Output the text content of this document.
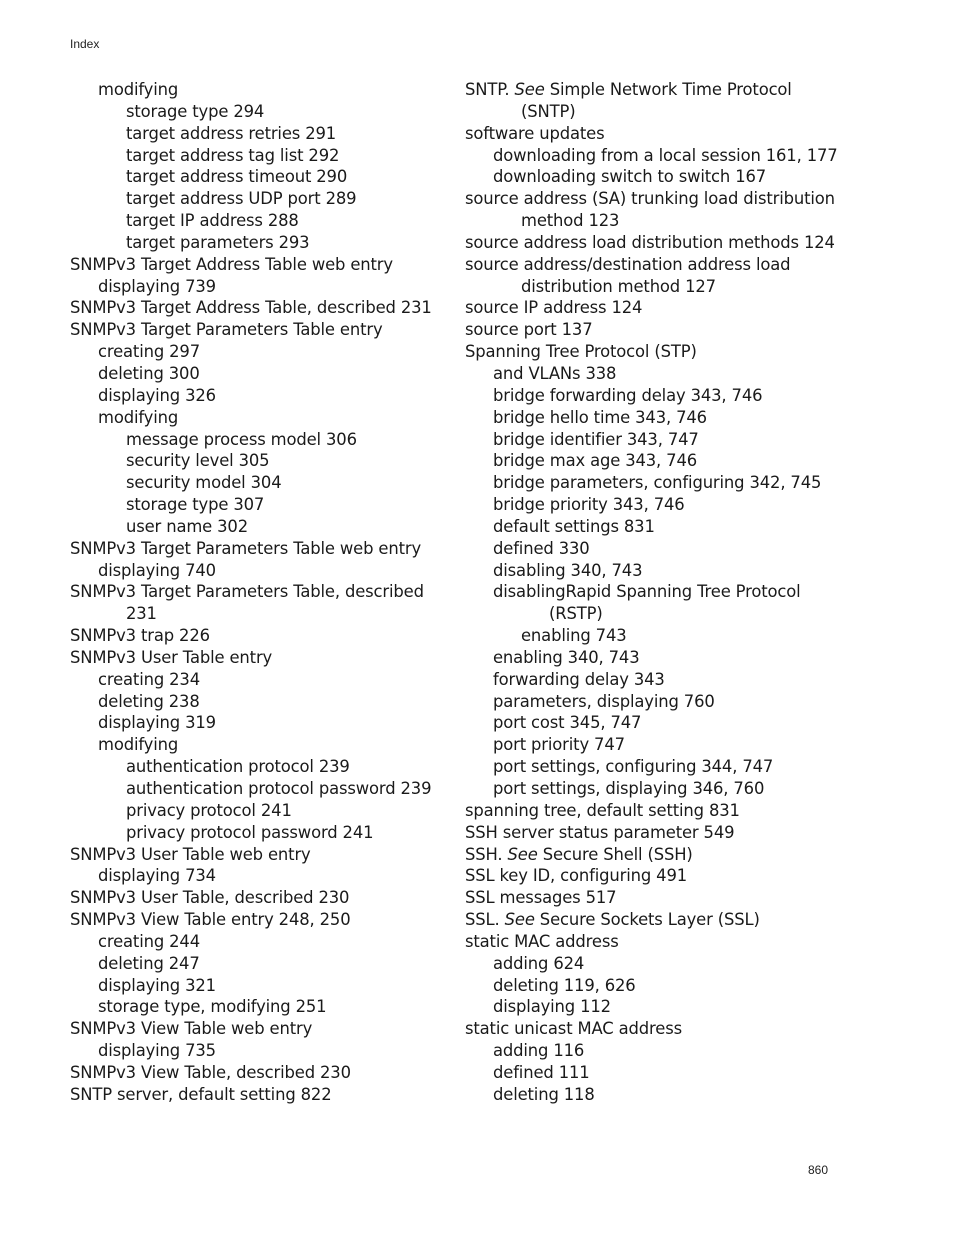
Index
modifying
storage type 294
target address retries 291
target address tag list 292
target address timeout 290
target address UDP port 289
target IP address 288
target parameters 293
SNMPv3 Target Address Table web entry
displaying 739
SNMPv3 Target Address Table, described 231
SNMPv3 Target Parameters Table entry
creating 297
deleting 300
displaying 326
modifying
message process model 306
security level 305
security model 304
storage type 307
user name 302
SNMPv3 Target Parameters Table web entry
displaying 740
SNMPv3 Target Parameters Table, described
231
SNMPv3 trap 226
SNMPv3 User Table entry
creating 234
deleting 238
displaying 319
modifying
authentication protocol 239
authentication protocol password 239
privacy protocol 241
privacy protocol password 241
SNMPv3 User Table web entry
displaying 734
SNMPv3 User Table, described 230
SNMPv3 View Table entry 248, 250
creating 244
deleting 247
displaying 321
storage type, modifying 251
SNMPv3 View Table web entry
displaying 735
SNMPv3 View Table, described 230
SNTP server, default setting 822
SNTP. See Simple Network Time Protocol
(SNTP)
software updates
downloading from a local session 161, 177
downloading switch to switch 167
source address (SA) trunking load distribution
method 123
source address load distribution methods 124
source address/destination address load
distribution method 127
source IP address 124
source port 137
Spanning Tree Protocol (STP)
and VLANs 338
bridge forwarding delay 343, 746
bridge hello time 343, 746
bridge identifier 343, 747
bridge max age 343, 746
bridge parameters, configuring 342, 745
bridge priority 343, 746
default settings 831
defined 330
disabling 340, 743
disablingRapid Spanning Tree Protocol
(RSTP)
enabling 743
enabling 340, 743
forwarding delay 343
parameters, displaying 760
port cost 345, 747
port priority 747
port settings, configuring 344, 747
port settings, displaying 346, 760
spanning tree, default setting 831
SSH server status parameter 549
SSH. See Secure Shell (SSH)
SSL key ID, configuring 491
SSL messages 517
SSL. See Secure Sockets Layer (SSL)
static MAC address
adding 624
deleting 119, 626
displaying 112
static unicast MAC address
adding 116
defined 111
deleting 118
860
